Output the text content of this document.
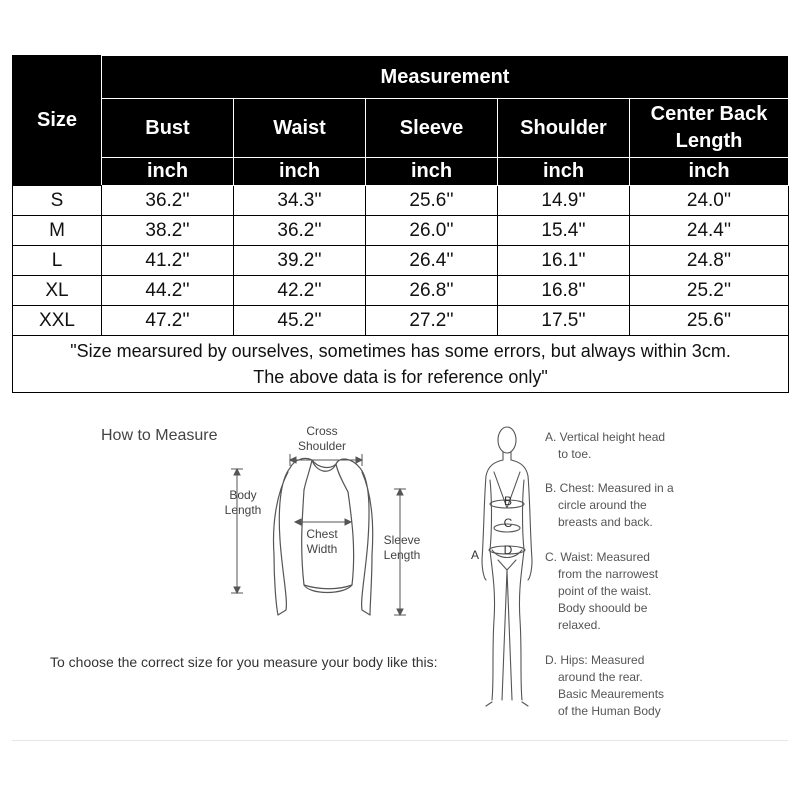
Size	Measurement				
	Bust	Waist	Sleeve	Shoulder	Center Back Length
	inch	inch	inch	inch	inch
S	36.2''	34.3''	25.6''	14.9''	24.0''
M	38.2''	36.2''	26.0''	15.4''	24.4''
L	41.2''	39.2''	26.4''	16.1''	24.8''
XL	44.2''	42.2''	26.8''	16.8''	25.2''
XXL	47.2''	45.2''	27.2''	17.5''	25.6''

"Size mearsured by ourselves, sometimes has some errors, but always within 3cm.
The above data is for reference only"					
How to Measure	Cross Shoulder
Body Length
Chest Width
Sleeve Length
B
C
D
A
A. Vertical height head
to toe.
B. Chest: Measured in a
circle around the
breasts and back.
C. Waist: Measured
from the narrowest
point of the waist.
Body shoould be
relaxed.
D. Hips: Measured
around the rear.
Basic Meaurements
of the Human Body
To choose the correct size for you measure your body like this:
